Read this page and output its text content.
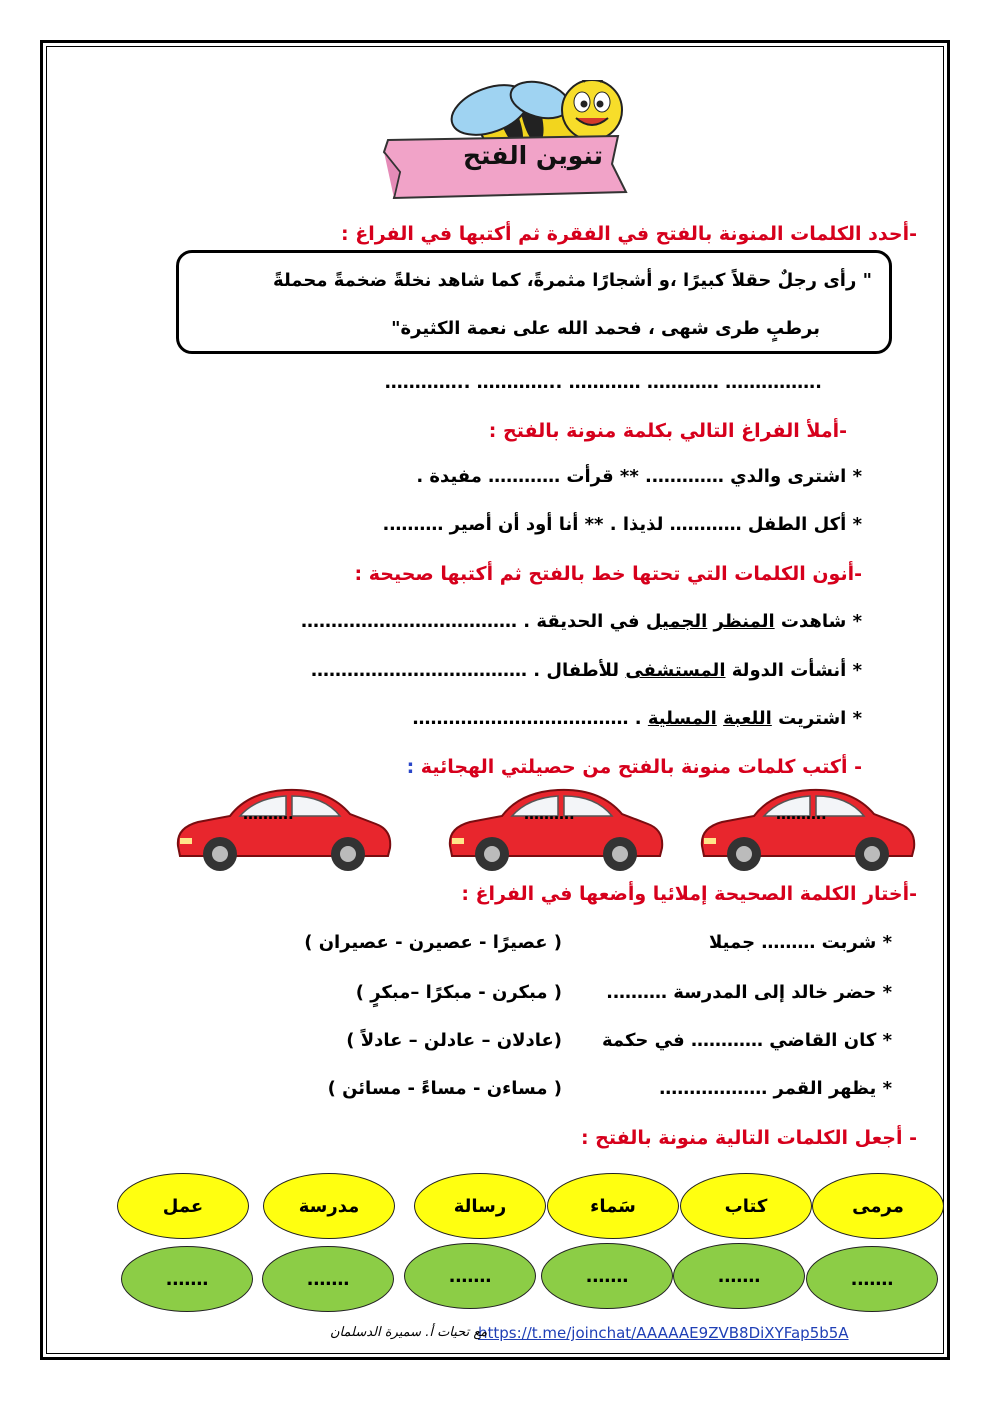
تنوين الفتح
-أحدد الكلمات المنونة بالفتح في الفقرة ثم أكتبها في الفراغ :
" رأى رجلٌ حقلاً كبيرًا ،و أشجارًا مثمرةً، كما شاهد نخلةً ضخمةً محملةً
برطبٍ طرى شهى ، فحمد الله على نعمة الكثيرة"
………….. ………….. ………… ………… …………….
-أملأ الفراغ التالي بكلمة منونة بالفتح :
* اشترى والدي …………. ** قرأت ………… مفيدة .
* أكل الطفل ………… لذيذا . ** أنا أود أن أصير ……….
-أنون الكلمات التي تحتها خط بالفتح ثم أكتبها صحيحة :
* شاهدت المنظر الجميل في الحديقة . ………………………………
* أنشأت الدولة المستشفى للأطفال . ………………………………
* اشتريت اللعبة المسلية . ………………………………
- أكتب كلمات منونة بالفتح من حصيلتي الهجائية :
……….	……….	……….
-أختار الكلمة الصحيحة إملائيا وأضعها في الفراغ :
* شربت ……… جميلا
( عصيرًا - عصيرن - عصيران )
* حضر خالد إلى المدرسة ……….
( مبكرن - مبكرًا –مبكرٍ )
* كان القاضي ………… في حكمة
(عادلان – عادلن – عادلاً )
* يظهر القمر ………………
( مساءن - مساءً - مسائن )
- أجعل الكلمات التالية منونة بالفتح :
مرمى
كتاب
سَماء
رسالة
مدرسة
عمل
…….
…….
…….
…….
…….
…….
https://t.me/joinchat/AAAAAE9ZVB8DiXYFap5b5A
مع تحيات أ. سميرة الدسلمان
